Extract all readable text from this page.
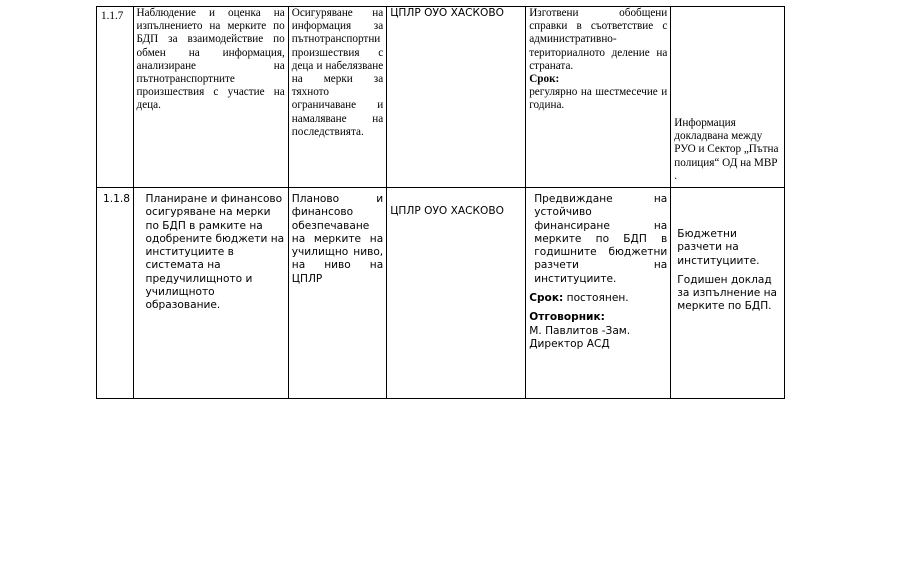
1.1.7	Наблюдение и оценка на изпълнението на мерките по БДП за взаимодействие по обмен на информация, анализиране на пътнотранспортните произшествия с участие на деца.	Осигуряване на информация за пътнотранспортни произшествия с деца и набелязване на мерки за тяхното ограничаване и намаляване на последствията.	ЦПЛР ОУО ХАСКОВО	Изготвени обобщени справки в съответствие с административно-териториалното деление на страната.
Срок:
регулярно на шестмесечие и година.	Информация докладвана между РУО и Сектор „Пътна полиция“ ОД на МВР .
1.1.8	Планиране и финансово осигуряване на мерки по БДП в рамките на одобрените бюджети на институциите в системата на предучилищното и училищното образование.	Планово и финансово обезпечаване на мерките на училищно ниво, на ниво на ЦПЛР	ЦПЛР ОУО ХАСКОВО	Предвиждане на устойчиво финансиране на мерките по БДП в годишните бюджетни разчети на институциите.
Срок: постоянен.
Отговорник:
М. Павлитов -Зам. Директор АСД	Бюджетни разчети на институциите.
Годишен доклад за изпълнение на мерките по БДП.
